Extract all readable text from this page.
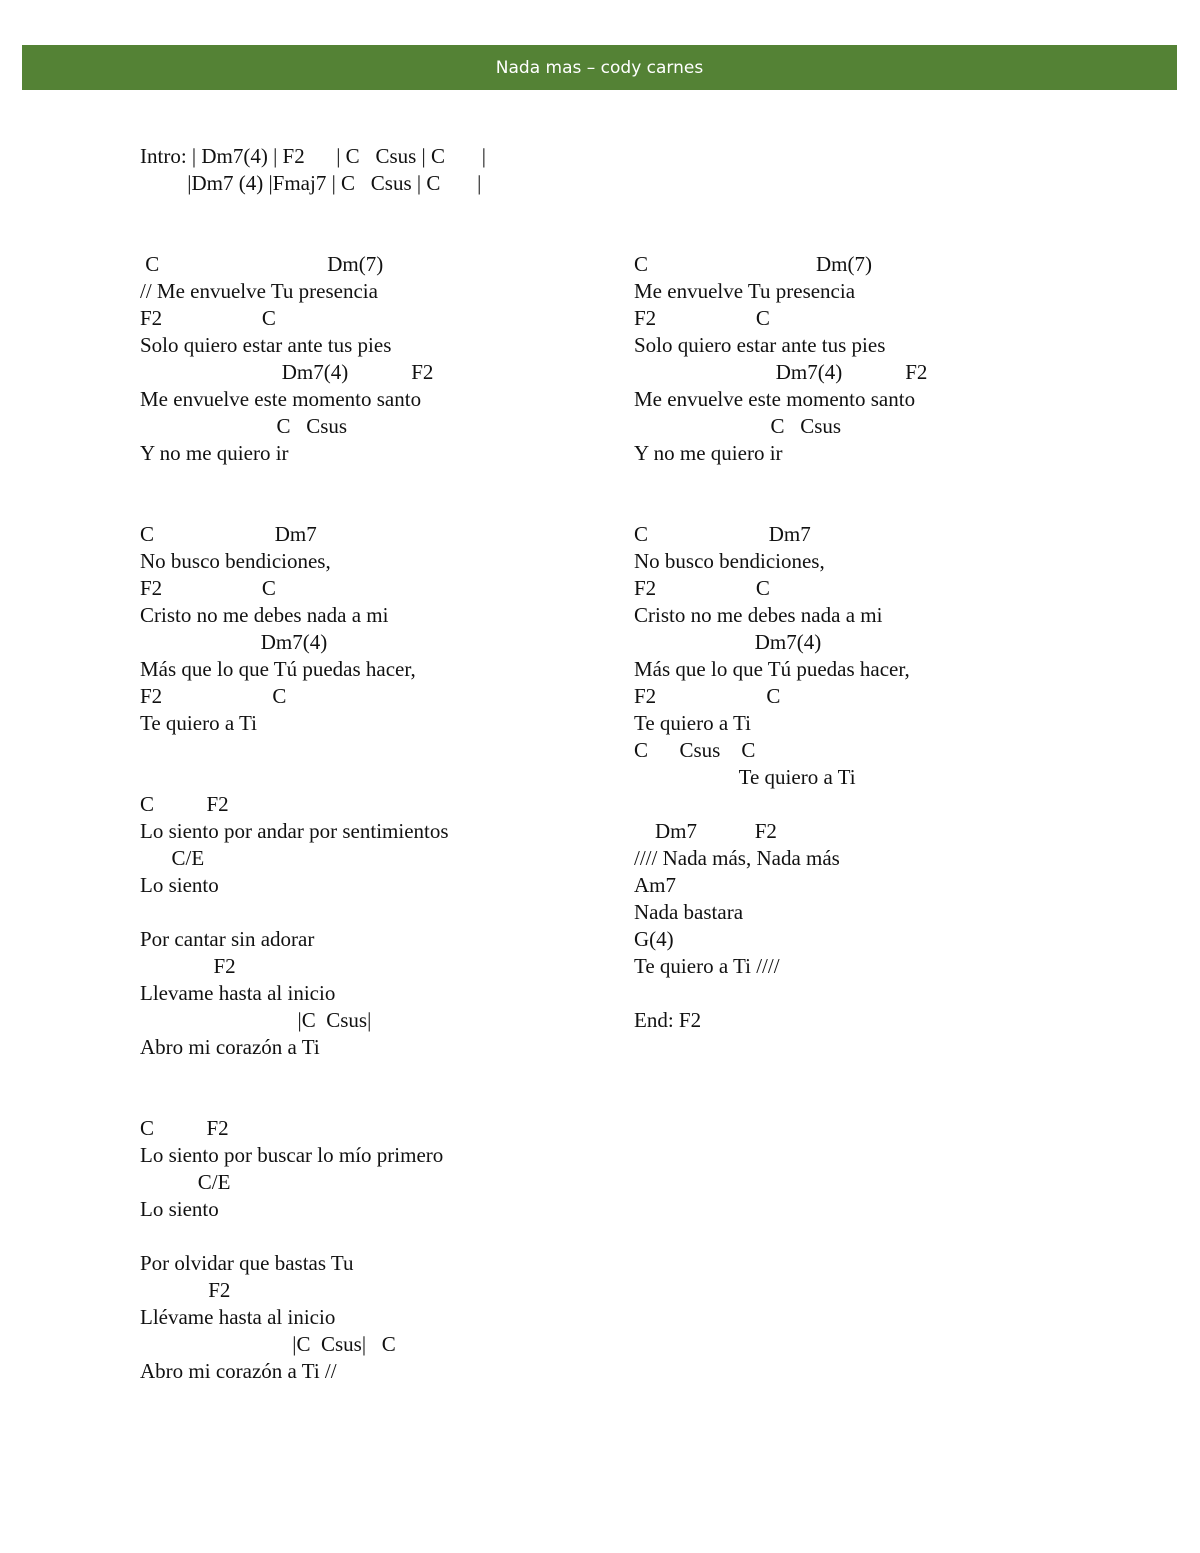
Nada mas – cody carnes

Intro: | Dm7(4) | F2      | C   Csus | C       |

|Dm7 (4) |Fmaj7 | C   Csus | C       |

C                                Dm(7)

// Me envuelve Tu presencia

F2                   C

Solo quiero estar ante tus pies

Dm7(4)            F2

Me envuelve este momento santo

C   Csus

Y no me quiero ir

C                       Dm7

No busco bendiciones,

F2                   C

Cristo no me debes nada a mi

Dm7(4)

Más que lo que Tú puedas hacer,

F2                     C

Te quiero a Ti

C          F2

Lo siento por andar por sentimientos

C/E

Lo siento

Por cantar sin adorar

F2

Llevame hasta al inicio

|C  Csus|

Abro mi corazón a Ti

C          F2

Lo siento por buscar lo mío primero

C/E

Lo siento

Por olvidar que bastas Tu

F2

Llévame hasta al inicio

|C  Csus|   C

Abro mi corazón a Ti //

C                                Dm(7)

Me envuelve Tu presencia

F2                   C

Solo quiero estar ante tus pies

Dm7(4)            F2

Me envuelve este momento santo

C   Csus

Y no me quiero ir

C                       Dm7

No busco bendiciones,

F2                   C

Cristo no me debes nada a mi

Dm7(4)

Más que lo que Tú puedas hacer,

F2                     C

Te quiero a Ti

C      Csus    C

Te quiero a Ti

Dm7           F2

//// Nada más, Nada más

Am7

Nada bastara

G(4)

Te quiero a Ti ////

End: F2
